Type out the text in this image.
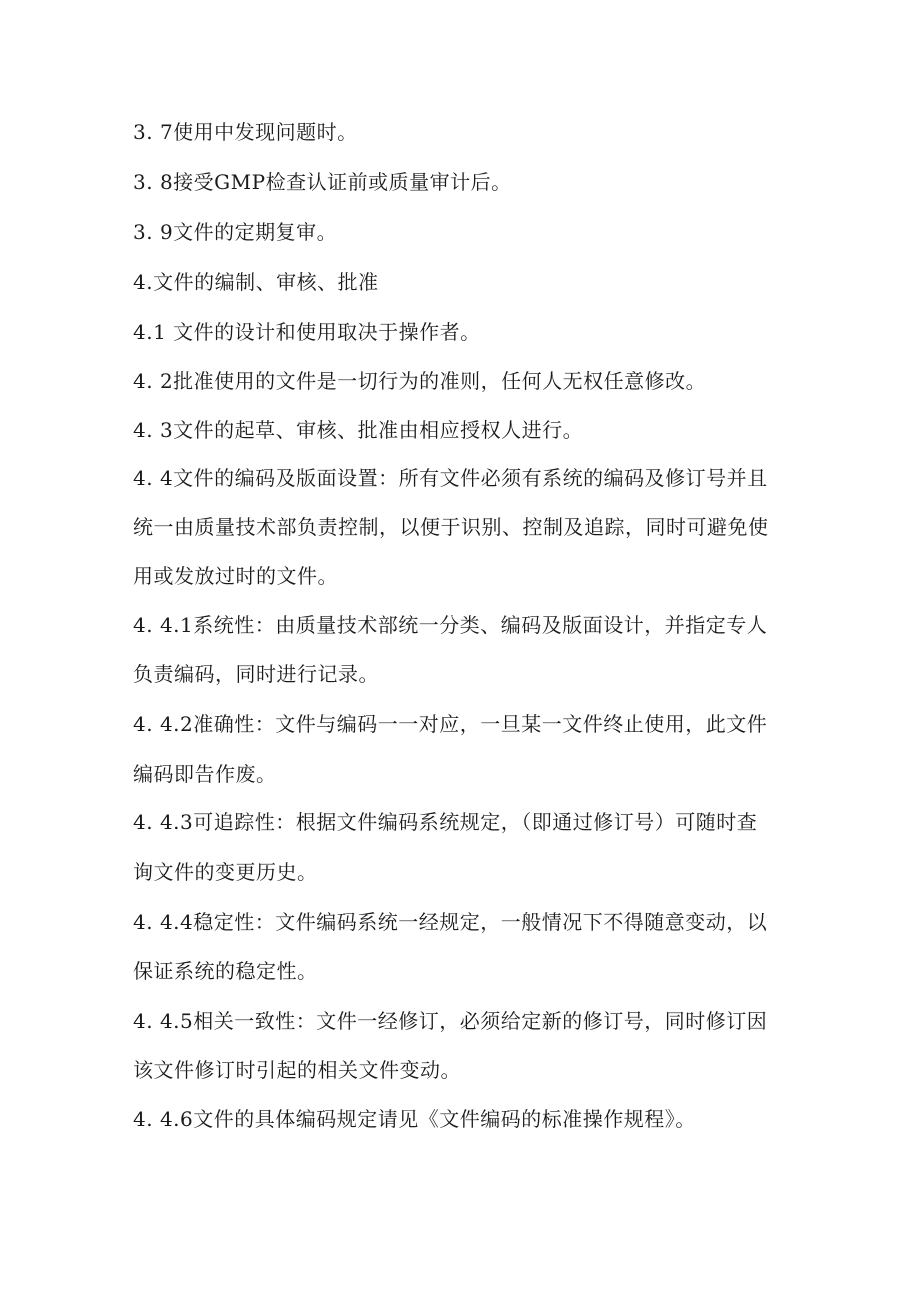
3. 7使用中发现问题时。
3. 8接受GMP检查认证前或质量审计后。
3. 9文件的定期复审。
4.文件的编制、审核、批准
4.1 文件的设计和使用取决于操作者。
4. 2批准使用的文件是一切行为的准则，任何人无权任意修改。
4. 3文件的起草、审核、批准由相应授权人进行。
4. 4文件的编码及版面设置：所有文件必须有系统的编码及修订号并且
统一由质量技术部负责控制，以便于识别、控制及追踪，同时可避免使
用或发放过时的文件。
4. 4.1系统性：由质量技术部统一分类、编码及版面设计，并指定专人
负责编码，同时进行记录。
4. 4.2准确性：文件与编码一一对应，一旦某一文件终止使用，此文件
编码即告作废。
4. 4.3可追踪性：根据文件编码系统规定，（即通过修订号）可随时查
询文件的变更历史。
4. 4.4稳定性：文件编码系统一经规定，一般情况下不得随意变动，以
保证系统的稳定性。
4. 4.5相关一致性：文件一经修订，必须给定新的修订号，同时修订因
该文件修订时引起的相关文件变动。
4. 4.6文件的具体编码规定请见《文件编码的标准操作规程》。
